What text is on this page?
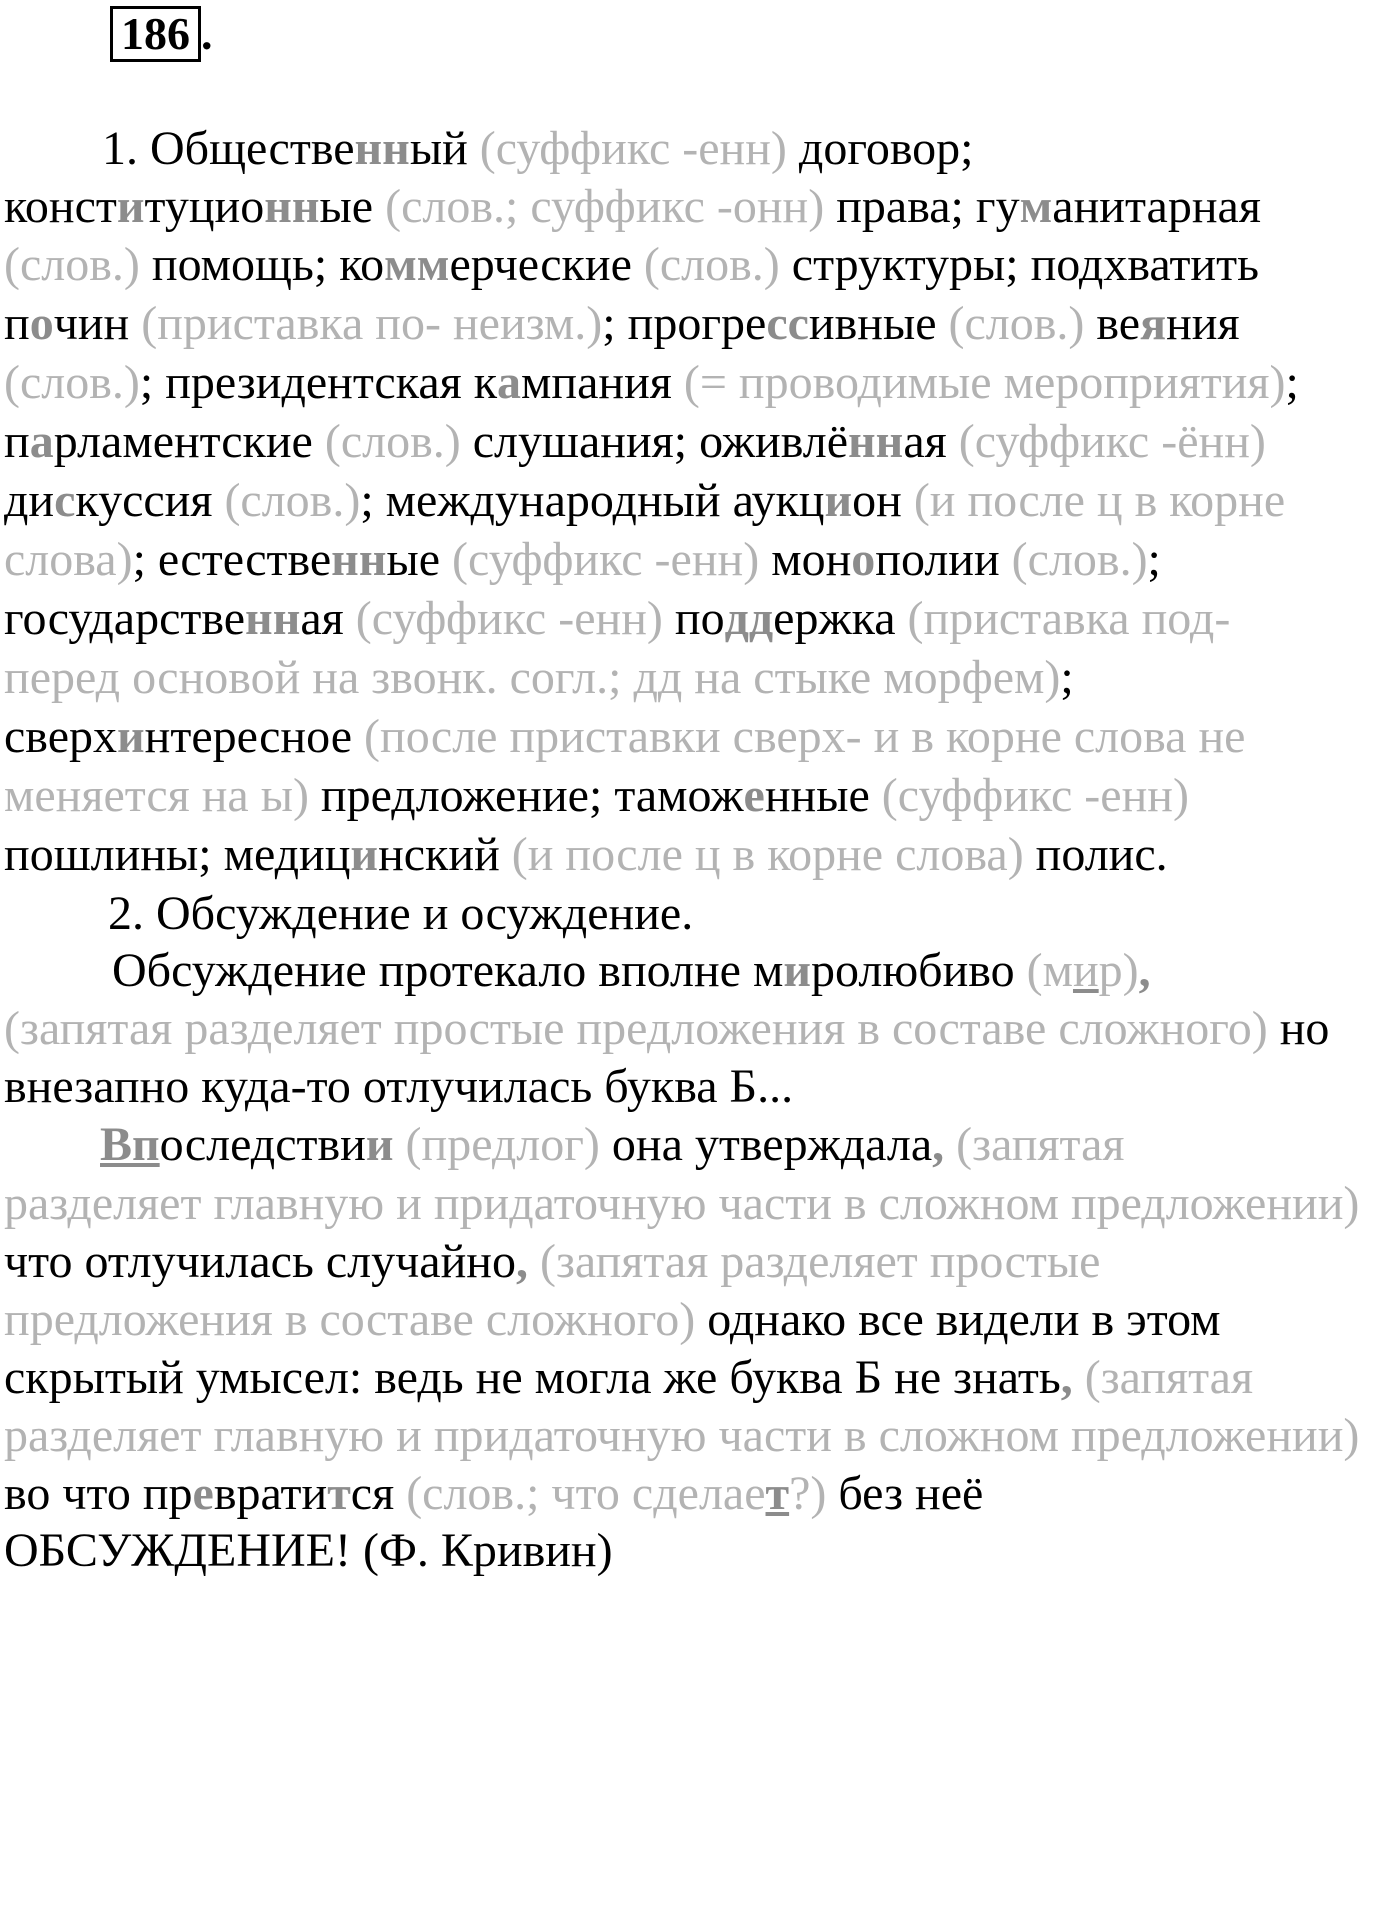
186 .
1. Общественный (суффикс -енн) договор;
конституционные (слов.; суффикс -онн) права; гуманитарная
(слов.) помощь; коммерческие (слов.) структуры; подхватить
почин (приставка по- неизм.); прогрессивные (слов.) веяния
(слов.); президентская кампания (= проводимые мероприятия);
парламентские (слов.) слушания; оживлённая (суффикс -ённ)
дискуссия (слов.); международный аукцион (и после ц в корне
слова); естественные (суффикс -енн) монополии (слов.);
государственная (суффикс -енн) поддержка (приставка под-
перед основой на звонк. согл.; дд на стыке морфем);
сверхинтересное (после приставки сверх- и в корне слова не
меняется на ы) предложение; таможенные (суффикс -енн)
пошлины; медицинский (и после ц в корне слова) полис.
2. Обсуждение и осуждение.
Обсуждение протекало вполне миролюбиво (мир),
(запятая разделяет простые предложения в составе сложного) но
внезапно куда-то отлучилась буква Б...
Впоследствии (предлог) она утверждала, (запятая
разделяет главную и придаточную части в сложном предложении)
что отлучилась случайно, (запятая разделяет простые
предложения в составе сложного) однако все видели в этом
скрытый умысел: ведь не могла же буква Б не знать, (запятая
разделяет главную и придаточную части в сложном предложении)
во что превратится (слов.; что сделает?) без неё
ОБСУЖДЕНИЕ! (Ф. Кривин)
